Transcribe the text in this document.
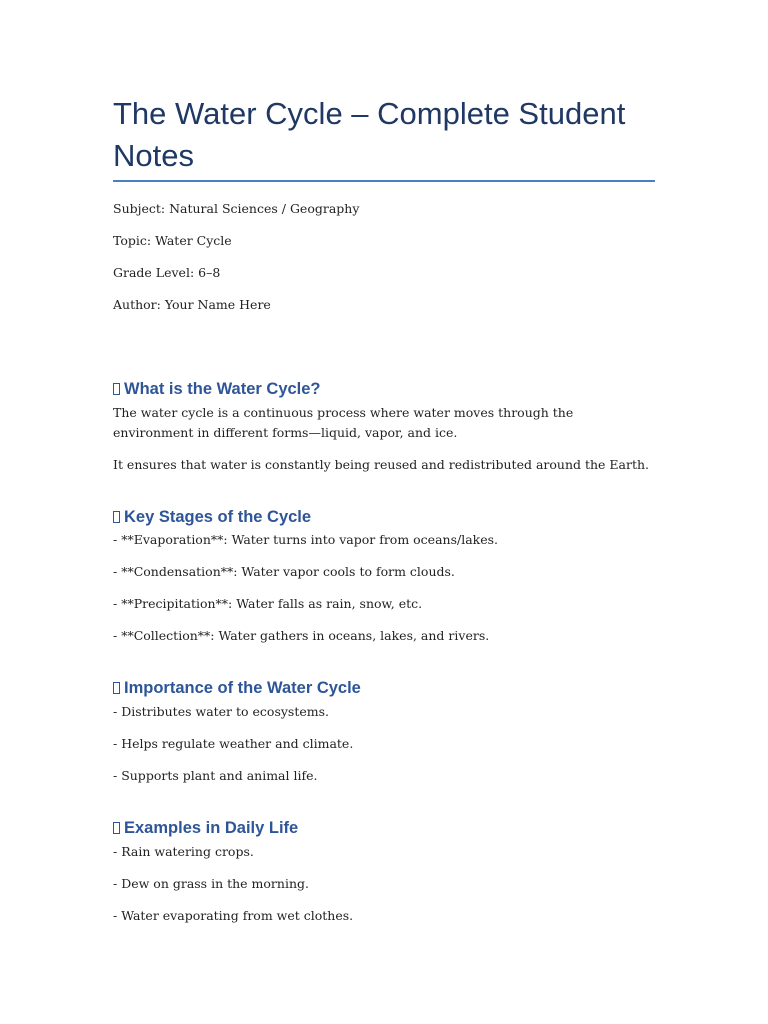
The Water Cycle – Complete Student Notes

Subject: Natural Sciences / Geography

Topic: Water Cycle

Grade Level: 6–8

Author: Your Name Here

What is the Water Cycle?

The water cycle is a continuous process where water moves through the environment in different forms—liquid, vapor, and ice.

It ensures that water is constantly being reused and redistributed around the Earth.

Key Stages of the Cycle

- **Evaporation**: Water turns into vapor from oceans/lakes.

- **Condensation**: Water vapor cools to form clouds.

- **Precipitation**: Water falls as rain, snow, etc.

- **Collection**: Water gathers in oceans, lakes, and rivers.

Importance of the Water Cycle

- Distributes water to ecosystems.

- Helps regulate weather and climate.

- Supports plant and animal life.

Examples in Daily Life

- Rain watering crops.

- Dew on grass in the morning.

- Water evaporating from wet clothes.
